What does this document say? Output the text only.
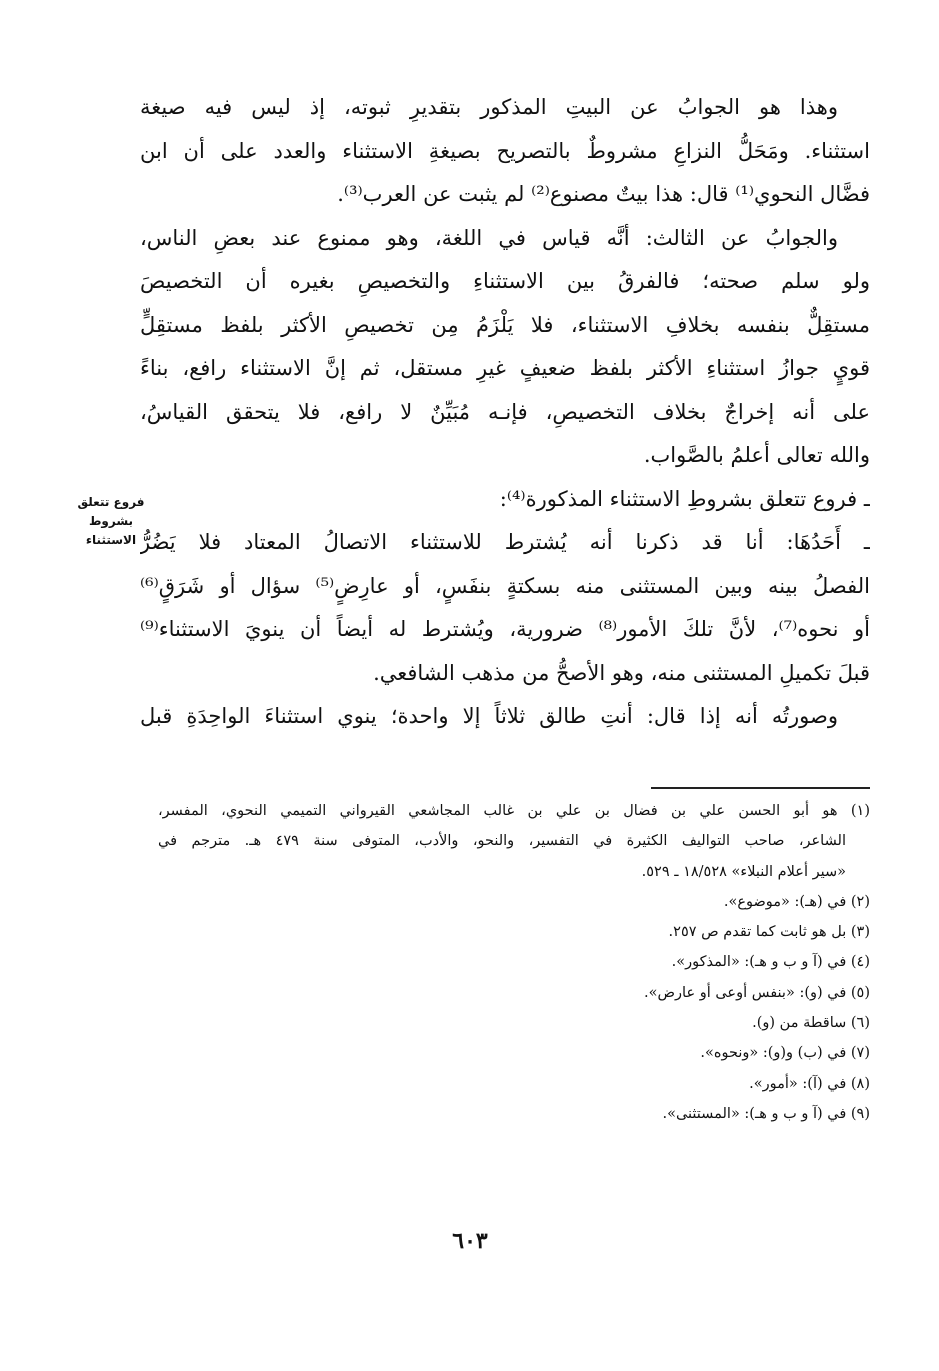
وهذا هو الجوابُ عن البيتِ المذكور بتقديرِ ثبوته، إذ ليس فيه صيغة
استثناء. ومَحَلُّ النزاعِ مشروطٌ بالتصريح بصيغةِ الاستثناء والعدد على أن ابن
فضَّال النحوي⁽¹⁾ قال: هذا بيتٌ مصنوع⁽²⁾ لم يثبت عن العرب⁽³⁾.
والجوابُ عن الثالث: أنَّه قياس في اللغة، وهو ممنوع عند بعضِ الناس،
ولو سلم صحته؛ فالفرقُ بين الاستثناءِ والتخصيصِ بغيره أن التخصيصَ
مستقِلٌّ بنفسه بخلافِ الاستثناء، فلا يَلْزَمُ مِن تخصيصِ الأكثر بلفظ مستقِلٍّ
قويٍ جوازُ استثناءِ الأكثر بلفظ ضعيفٍ غيرِ مستقل، ثم إنَّ الاستثناء رافع، بناءً
على أنه إخراجٌ بخلاف التخصيصِ، فإنـه مُبَيِّنٌ لا رافع، فلا يتحقق القياسُ،
والله تعالى أعلمُ بالصَّواب.
ـ فروع تتعلق بشروطِ الاستثناء المذكورة⁽⁴⁾:
ـ أَحَدُهَا: أنا قد ذكرنا أنه يُشترط للاستثناء الاتصالُ المعتاد فلا يَضُرُّ
الفصلُ بينه وبين المستثنى منه بسكتةٍ بنفَسٍ، أو عارِضٍ⁽⁵⁾ سؤال أو شَرَقٍ⁽⁶⁾
أو نحوه⁽⁷⁾، لأنَّ تلكَ الأمور⁽⁸⁾ ضرورية، ويُشترط له أيضاً أن ينويَ الاستثناء⁽⁹⁾
قبلَ تكميلِ المستثنى منه، وهو الأصحُّ من مذهب الشافعي.
وصورتُه أنه إذا قال: أنتِ طالق ثلاثاً إلا واحدة؛ ينوي استثناءَ الواحِدَةِ قبل
فروع تتعلق
بشروط
الاستثناء
(١) هو أبو الحسن علي بن فضال بن علي بن غالب المجاشعي القيرواني التميمي النحوي، المفسر،
الشاعر، صاحب التواليف الكثيرة في التفسير، والنحو، والأدب، المتوفى سنة ٤٧٩ هـ. مترجم في
«سير أعلام النبلاء» ١٨/٥٢٨ ـ ٥٢٩.
(٢) في (هـ): «موضوع».
(٣) بل هو ثابت كما تقدم ص ٢٥٧.
(٤) في (آ و ب و هـ): «المذكور».
(٥) في (و): «بنفس أوعى أو عارض».
(٦) ساقطة من (و).
(٧) في (ب) و(و): «ونحوه».
(٨) في (آ): «أمور».
(٩) في (آ و ب و هـ): «المستثنى».
٦٠٣
